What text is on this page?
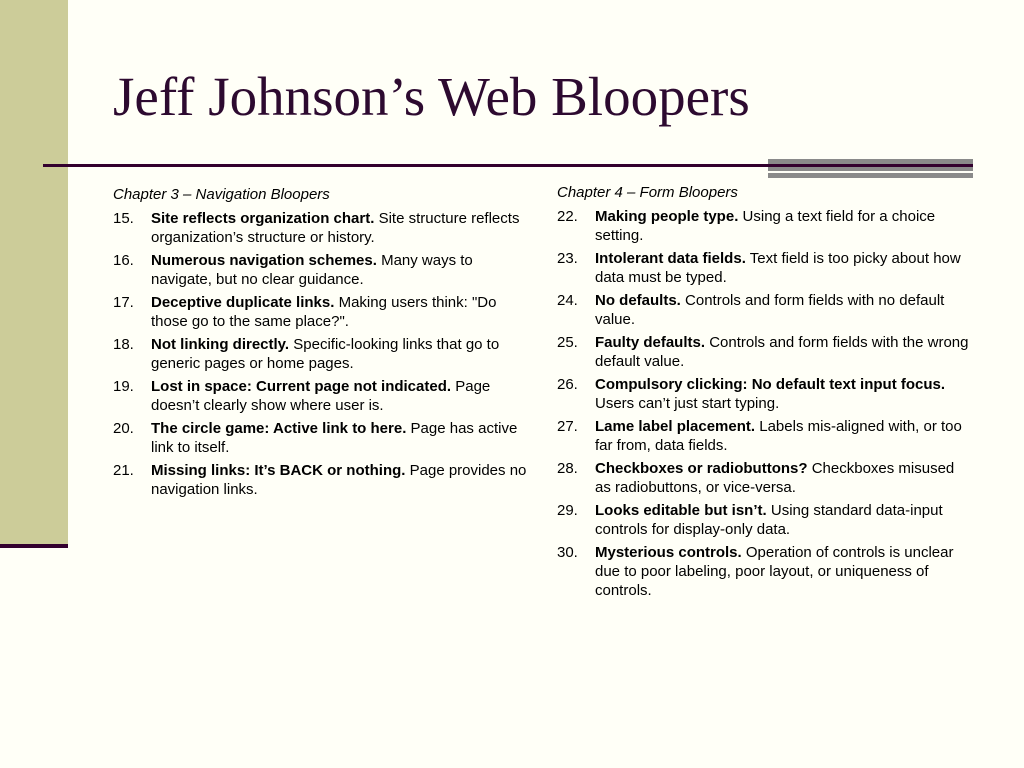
Jeff Johnson’s Web Bloopers
Chapter 3 – Navigation Bloopers
15. Site reflects organization chart. Site structure reflects organization’s structure or history.
16. Numerous navigation schemes. Many ways to navigate, but no clear guidance.
17. Deceptive duplicate links. Making users think: "Do those go to the same place?".
18. Not linking directly. Specific-looking links that go to generic pages or home pages.
19. Lost in space: Current page not indicated. Page doesn’t clearly show where user is.
20. The circle game: Active link to here. Page has active link to itself.
21. Missing links: It’s BACK or nothing. Page provides no navigation links.
Chapter 4 – Form Bloopers
22. Making people type. Using a text field for a choice setting.
23. Intolerant data fields. Text field is too picky about how data must be typed.
24. No defaults. Controls and form fields with no default value.
25. Faulty defaults. Controls and form fields with the wrong default value.
26. Compulsory clicking: No default text input focus. Users can’t just start typing.
27. Lame label placement. Labels mis-aligned with, or too far from, data fields.
28. Checkboxes or radiobuttons? Checkboxes misused as radiobuttons, or vice-versa.
29. Looks editable but isn’t. Using standard data-input controls for display-only data.
30. Mysterious controls. Operation of controls is unclear due to poor labeling, poor layout, or uniqueness of controls.
